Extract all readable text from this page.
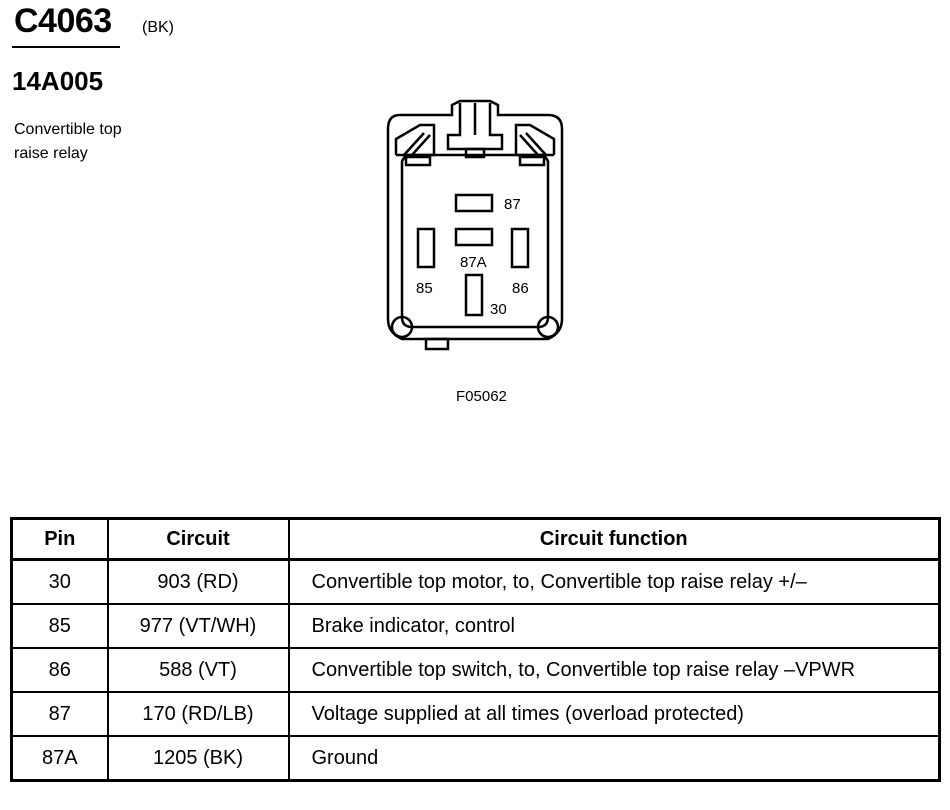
C4063 (BK)
14A005
Convertible top
raise relay
87
87A
85	86
30
F05062
Pin	Circuit	Circuit function
30	903 (RD)	Convertible top motor, to, Convertible top raise relay +/–
85	977 (VT/WH)	Brake indicator, control
86	588 (VT)	Convertible top switch, to, Convertible top raise relay –VPWR
87	170 (RD/LB)	Voltage supplied at all times (overload protected)
87A	1205 (BK)	Ground
